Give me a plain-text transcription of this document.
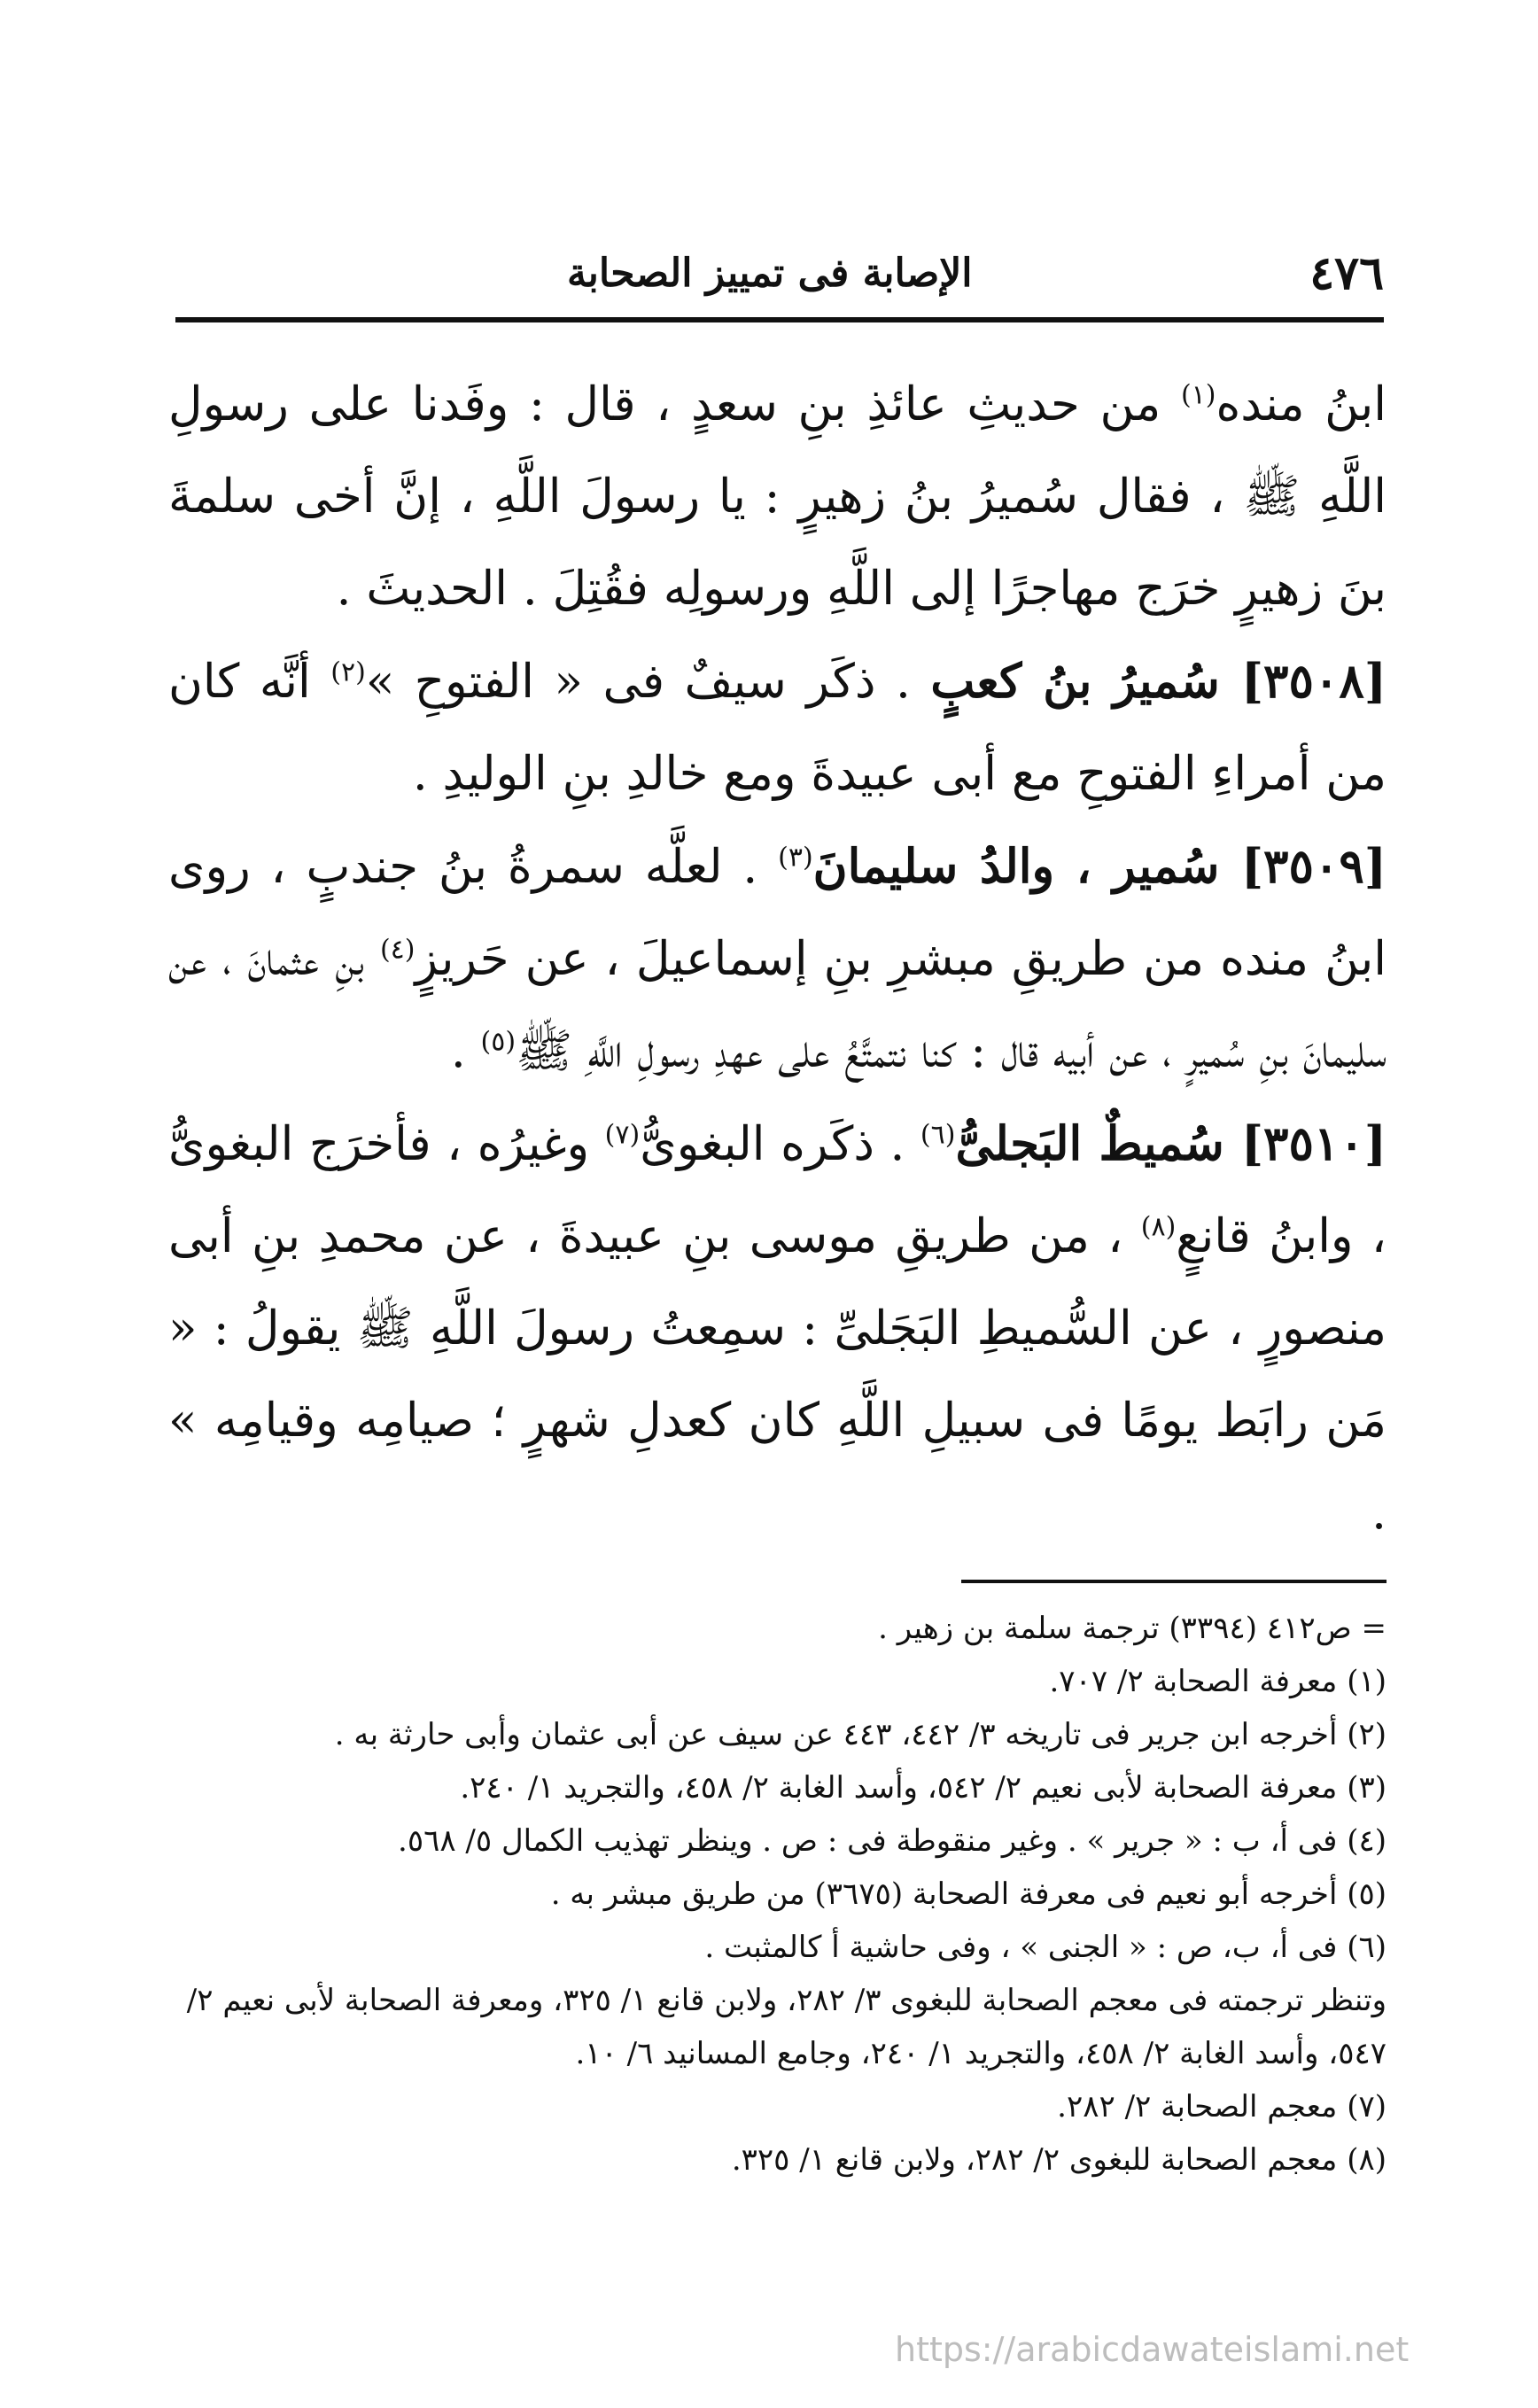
٤٧٦
الإصابة فى تمييز الصحابة

ابنُ منده$^{(١)}$ من حديثِ عائذِ بنِ سعدٍ ، قال : وفَدنا على رسولِ اللَّهِ ﷺ ، فقال سُميرُ بنُ زهيرٍ : يا رسولَ اللَّهِ ، إنَّ أخى سلمةَ بنَ زهيرٍ خرَج مهاجرًا إلى اللَّهِ ورسولِه فقُتِلَ . الحديثَ .

[٣٥٠٨] سُميرُ بنُ كعبٍ . ذكَر سيفٌ فى « الفتوحِ »$^{(٢)}$ أنَّه كان من أمراءِ الفتوحِ مع أبى عبيدةَ ومع خالدِ بنِ الوليدِ .

[٣٥٠٩] سُمير ، والدُ سليمانَ$^{(٣)}$ . لعلَّه سمرةُ بنُ جندبٍ ، روى ابنُ منده من طريقِ مبشرِ بنِ إسماعيلَ ، عن حَريزٍ$^{(٤)}$ بنِ عثمانَ ، عن سليمانَ بنِ سُميرٍ ، عن أبيه قال : كنا نتمتَّعُ على عهدِ رسولِ اللَّهِ ﷺ$^{(٥)}$ .

[٣٥١٠] سُميطٌ البَجلىُّ$^{(٦)}$ . ذكَره البغوىُّ$^{(٧)}$ وغيرُه ، فأخرَج البغوىُّ ، وابنُ قانعٍ$^{(٨)}$ ، من طريقِ موسى بنِ عبيدةَ ، عن محمدِ بنِ أبى منصورٍ ، عن السُّميطِ البَجَلىِّ : سمِعتُ رسولَ اللَّهِ ﷺ يقولُ : « مَن رابَط يومًا فى سبيلِ اللَّهِ كان كعدلِ شهرٍ ؛ صيامِه وقيامِه » .

= ص٤١٢ (٣٣٩٤) ترجمة سلمة بن زهير .

(١) معرفة الصحابة ٢/ ٧٠٧.

(٢) أخرجه ابن جرير فى تاريخه ٣/ ٤٤٢، ٤٤٣ عن سيف عن أبى عثمان وأبى حارثة به .

(٣) معرفة الصحابة لأبى نعيم ٢/ ٥٤٢، وأسد الغابة ٢/ ٤٥٨، والتجريد ١/ ٢٤٠.

(٤) فى أ، ب : « جرير » . وغير منقوطة فى : ص . وينظر تهذيب الكمال ٥/ ٥٦٨.

(٥) أخرجه أبو نعيم فى معرفة الصحابة (٣٦٧٥) من طريق مبشر به .

(٦) فى أ، ب، ص : « الجنى » ، وفى حاشية أ كالمثبت .

وتنظر ترجمته فى معجم الصحابة للبغوى ٣/ ٢٨٢، ولابن قانع ١/ ٣٢٥، ومعرفة الصحابة لأبى نعيم ٢/ ٥٤٧، وأسد الغابة ٢/ ٤٥٨، والتجريد ١/ ٢٤٠، وجامع المسانيد ٦/ ١٠.

(٧) معجم الصحابة ٢/ ٢٨٢.

(٨) معجم الصحابة للبغوى ٢/ ٢٨٢، ولابن قانع ١/ ٣٢٥.

https://arabicdawateislami.net
